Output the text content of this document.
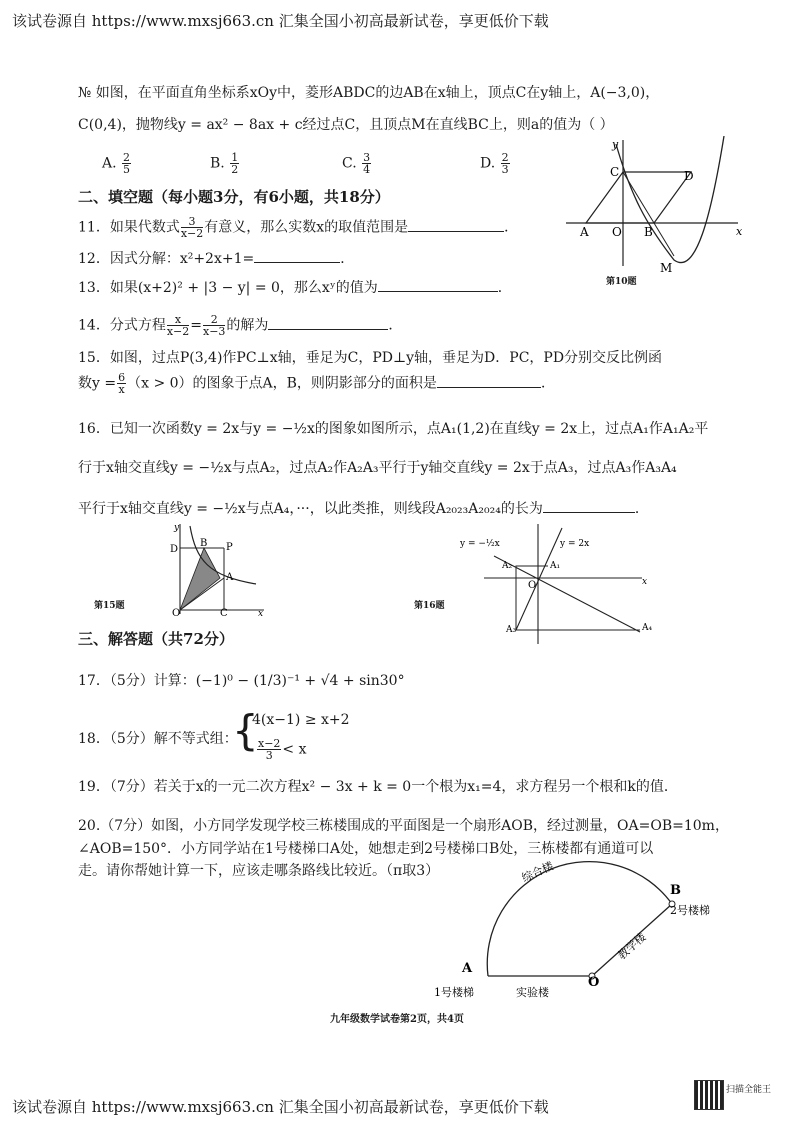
该试卷源自 https://www.mxsj663.cn 汇集全国小初高最新试卷，享更低价下载
№ 如图，在平面直角坐标系xOy中，菱形ABDC的边AB在x轴上，顶点C在y轴上，A(−3,0)，
C(0,4)，抛物线y = ax² − 8ax + c经过点C，且顶点M在直线BC上，则a的值为（ ）
A. $\frac{2}{5}$	B. $\frac{1}{2}$	C. $\frac{3}{4}$	D. $\frac{2}{3}$
y
x
C	D
A O B
M
第10题
二、填空题（每小题3分，有6小题，共18分）
11．如果代数式 $\frac{3}{x-2}$ 有意义，那么实数x的取值范围是	．
12．因式分解：x²+2x+1=	．
13．如果(x+2)² + |3 − y| = 0，那么xʸ的值为	．
14．分式方程 $\frac{x}{x-2} = \frac{2}{x-3}$ 的解为	．
15．如图，过点P(3,4)作PC⊥x轴，垂足为C，PD⊥y轴，垂足为D．PC，PD分别交反比例函
数$y = \frac{6}{x} (x > 0)$的图象于点A，B，则阴影部分的面积是	．
16．已知一次函数y = 2x与y = −½x的图象如图所示，点A₁(1,2)在直线y = 2x上，过点A₁作A₁A₂平
行于x轴交直线y = −½x与点A₂，过点A₂作A₂A₃平行于y轴交直线y = 2x于点A₃，过点A₃作A₃A₄
平行于x轴交直线y = −½x与点A₄，···，以此类推，则线段A₂₀₂₃A₂₀₂₄的长为	．
y
x
D
B P
A
O	C
第15题
y = −½x	y = 2x
A₁
A₂
A₃	A₄
O	x
第16题
三、解答题（共72分）
17．（5分）计算：(−1)⁰ − (1/3)⁻¹ + √4 + sin30°
18．（5分）解不等式组：
{
4(x−1) ≥ x+2
$\frac{x-2}{3} < x$
19．（7分）若关于x的一元二次方程x² − 3x + k = 0一个根为x₁=4，求方程另一个根和k的值．
20.（7分）如图，小方同学发现学校三栋楼围成的平面图是一个扇形AOB，经过测量，OA=OB=10m，
∠AOB=150°．小方同学站在1号楼梯口A处，她想走到2号楼梯口B处，三栋楼都有通道可以
走。请你帮她计算一下，应该走哪条路线比较近。（π取3）	综合楼
B
2号楼梯
教学楼
A
O
1号楼梯	实验楼
九年级数学试卷第2页，共4页
该试卷源自 https://www.mxsj663.cn 汇集全国小初高最新试卷，享更低价下载
扫描全能王
